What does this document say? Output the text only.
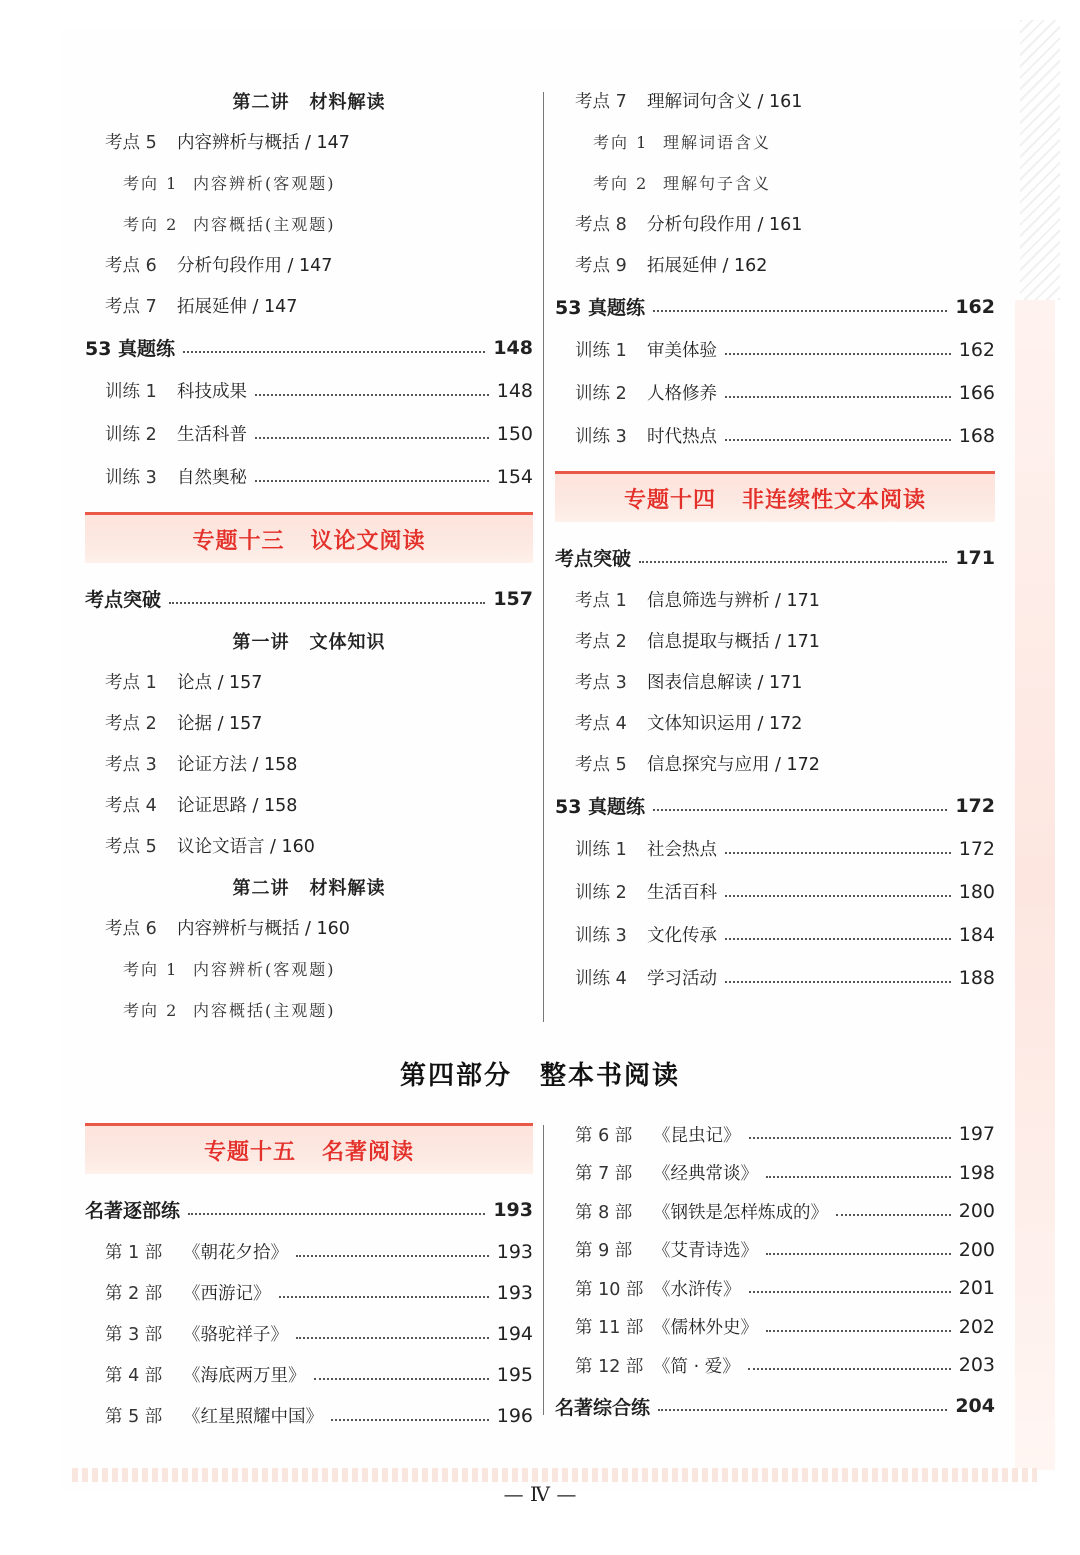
第二讲 材料解读
考点 5	内容辨析与概括 / 147
考向 1 内容辨析(客观题)
考向 2 内容概括(主观题)
考点 6	分析句段作用 / 147
考点 7	拓展延伸 / 147
53 真题练	148
训练 1	科技成果	148
训练 2	生活科普	150
训练 3	自然奥秘	154
专题十三 议论文阅读
考点突破	157
第一讲 文体知识
考点 1	论点 / 157
考点 2	论据 / 157
考点 3	论证方法 / 158
考点 4	论证思路 / 158
考点 5	议论文语言 / 160
第二讲 材料解读
考点 6	内容辨析与概括 / 160
考向 1 内容辨析(客观题)
考向 2 内容概括(主观题)
考点 7	理解词句含义 / 161
考向 1 理解词语含义
考向 2 理解句子含义
考点 8	分析句段作用 / 161
考点 9	拓展延伸 / 162
53 真题练	162
训练 1	审美体验	162
训练 2	人格修养	166
训练 3	时代热点	168
专题十四 非连续性文本阅读
考点突破	171
考点 1	信息筛选与辨析 / 171
考点 2	信息提取与概括 / 171
考点 3	图表信息解读 / 171
考点 4	文体知识运用 / 172
考点 5	信息探究与应用 / 172
53 真题练	172
训练 1	社会热点	172
训练 2	生活百科	180
训练 3	文化传承	184
训练 4	学习活动	188
第四部分 整本书阅读
专题十五 名著阅读
名著逐部练	193
第 1 部	《朝花夕拾》	193
第 2 部	《西游记》	193
第 3 部	《骆驼祥子》	194
第 4 部	《海底两万里》	195
第 5 部	《红星照耀中国》	196
第 6 部	《昆虫记》	197
第 7 部	《经典常谈》	198
第 8 部	《钢铁是怎样炼成的》	200
第 9 部	《艾青诗选》	200
第 10 部 《水浒传》	201
第 11 部 《儒林外史》	202
第 12 部 《简 · 爱》	203
名著综合练	204
— Ⅳ —
